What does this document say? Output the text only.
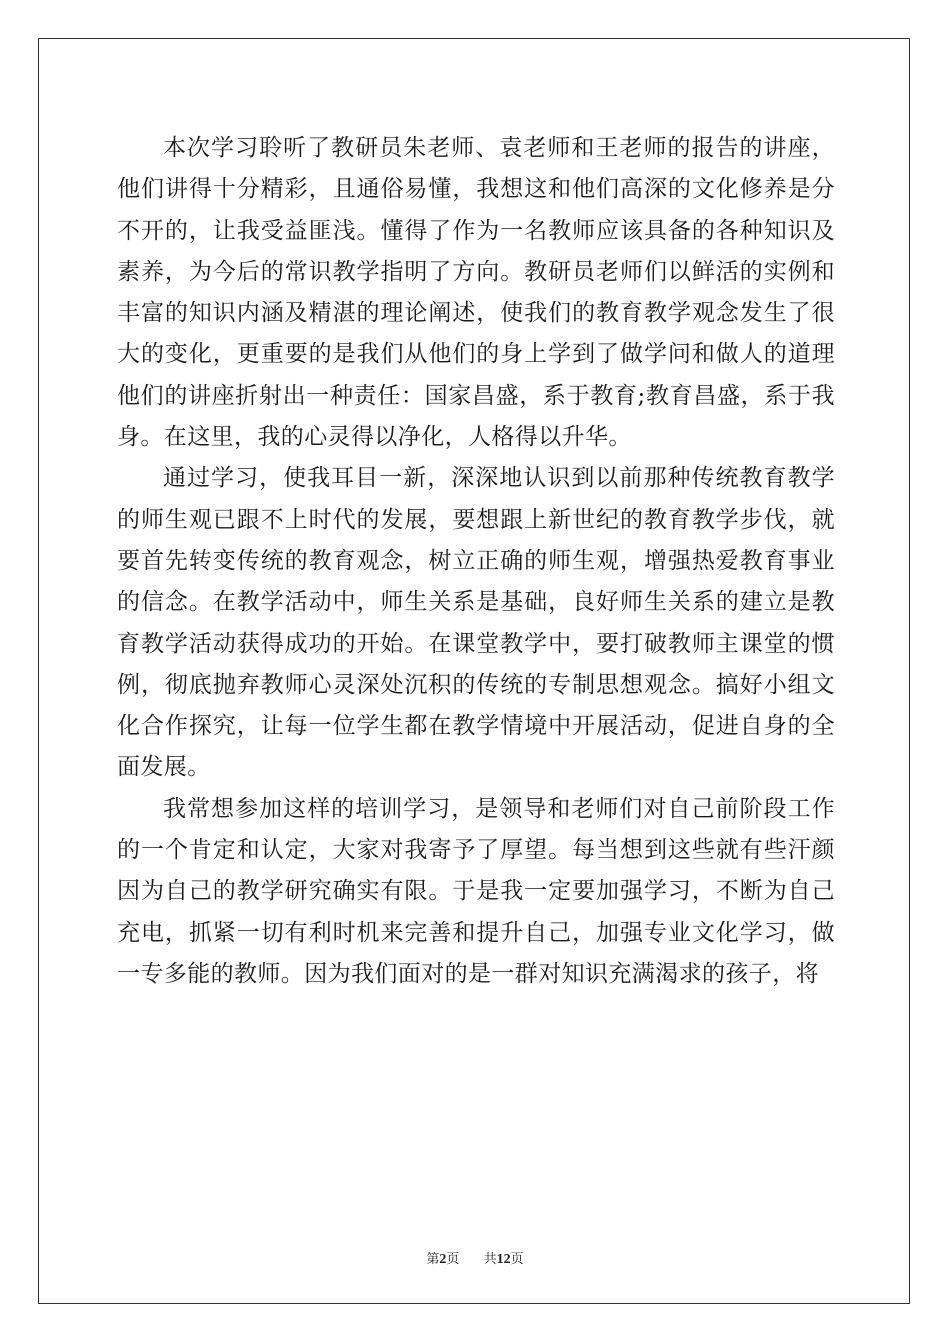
本次学习聆听了教研员朱老师、袁老师和王老师的报告的讲座，他们讲得十分精彩，且通俗易懂，我想这和他们高深的文化修养是分不开的，让我受益匪浅。懂得了作为一名教师应该具备的各种知识及素养，为今后的常识教学指明了方向。教研员老师们以鲜活的实例和丰富的知识内涵及精湛的理论阐述，使我们的教育教学观念发生了很大的变化，更重要的是我们从他们的身上学到了做学问和做人的道理他们的讲座折射出一种责任：国家昌盛，系于教育;教育昌盛，系于我身。在这里，我的心灵得以净化，人格得以升华。

通过学习，使我耳目一新，深深地认识到以前那种传统教育教学的师生观已跟不上时代的发展，要想跟上新世纪的教育教学步伐，就要首先转变传统的教育观念，树立正确的师生观，增强热爱教育事业的信念。在教学活动中，师生关系是基础，良好师生关系的建立是教育教学活动获得成功的开始。在课堂教学中，要打破教师主课堂的惯例，彻底抛弃教师心灵深处沉积的传统的专制思想观念。搞好小组文化合作探究，让每一位学生都在教学情境中开展活动，促进自身的全面发展。

我常想参加这样的培训学习，是领导和老师们对自己前阶段工作的一个肯定和认定，大家对我寄予了厚望。每当想到这些就有些汗颜因为自己的教学研究确实有限。于是我一定要加强学习，不断为自己充电，抓紧一切有利时机来完善和提升自己，加强专业文化学习，做一专多能的教师。因为我们面对的是一群对知识充满渴求的孩子，将

第2页 共12页
